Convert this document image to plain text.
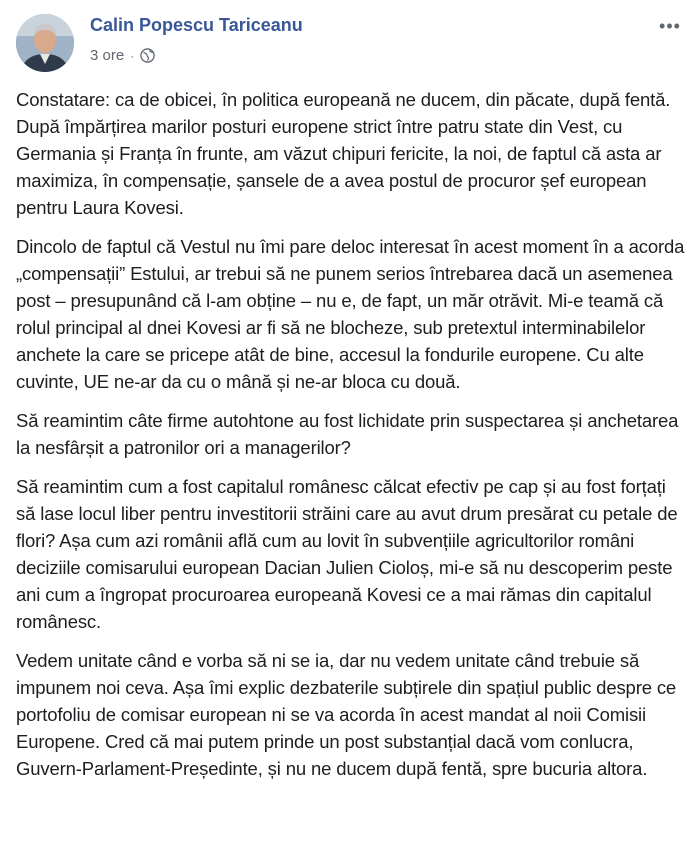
Calin Popescu Tariceanu
3 ore ·
•••

Constatare: ca de obicei, în politica europeană ne ducem, din păcate, după fentă. După împărțirea marilor posturi europene strict între patru state din Vest, cu Germania și Franța în frunte, am văzut chipuri fericite, la noi, de faptul că asta ar maximiza, în compensație, șansele de a avea postul de procuror șef european pentru Laura Kovesi.

Dincolo de faptul că Vestul nu îmi pare deloc interesat în acest moment în a acorda „compensații” Estului, ar trebui să ne punem serios întrebarea dacă un asemenea post – presupunând că l-am obține – nu e, de fapt, un măr otrăvit. Mi-e teamă că rolul principal al dnei Kovesi ar fi să ne blocheze, sub pretextul interminabilelor anchete la care se pricepe atât de bine, accesul la fondurile europene. Cu alte cuvinte, UE ne-ar da cu o mână și ne-ar bloca cu două.

Să reamintim câte firme autohtone au fost lichidate prin suspectarea și anchetarea la nesfârșit a patronilor ori a managerilor?

Să reamintim cum a fost capitalul românesc călcat efectiv pe cap și au fost forțați să lase locul liber pentru investitorii străini care au avut drum presărat cu petale de flori? Așa cum azi românii află cum au lovit în subvențiile agricultorilor români deciziile comisarului european Dacian Julien Cioloș, mi-e să nu descoperim peste ani cum a îngropat procuroarea europeană Kovesi ce a mai rămas din capitalul românesc.

Vedem unitate când e vorba să ni se ia, dar nu vedem unitate când trebuie să impunem noi ceva. Așa îmi explic dezbaterile subțirele din spațiul public despre ce portofoliu de comisar european ni se va acorda în acest mandat al noii Comisii Europene. Cred că mai putem prinde un post substanțial dacă vom conlucra, Guvern-Parlament-Președinte, și nu ne ducem după fentă, spre bucuria altora.
